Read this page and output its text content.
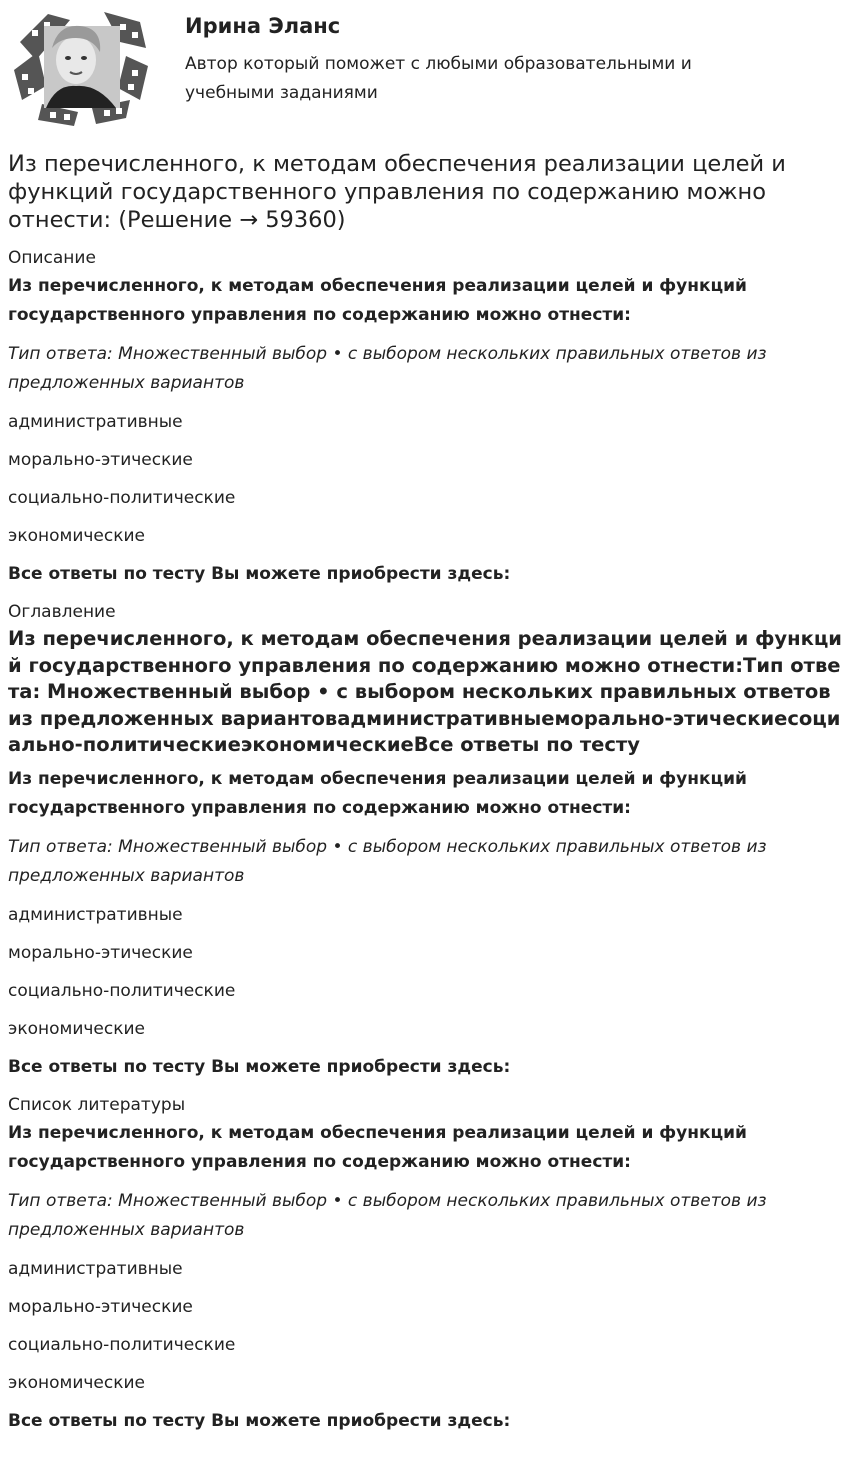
Ирина Эланс
Автор который поможет с любыми образовательными и учебными заданиями
Из перечисленного, к методам обеспечения реализации целей и функций государственного управления по содержанию можно отнести: (Решение → 59360)
Описание
Из перечисленного, к методам обеспечения реализации целей и функций государственного управления по содержанию можно отнести:
Тип ответа: Множественный выбор • с выбором нескольких правильных ответов из предложенных вариантов
административные
морально-этические
социально-политические
экономические
Все ответы по тесту Вы можете приобрести здесь:
Оглавление
Из перечисленного, к методам обеспечения реализации целей и функций государственного управления по содержанию можно отнести:Тип ответа: Множественный выбор • с выбором нескольких правильных ответов из предложенных вариантовадминистративныеморально-этическиесоциально-политическиеэкономическиеВсе ответы по тесту
Из перечисленного, к методам обеспечения реализации целей и функций государственного управления по содержанию можно отнести:
Тип ответа: Множественный выбор • с выбором нескольких правильных ответов из предложенных вариантов
административные
морально-этические
социально-политические
экономические
Все ответы по тесту Вы можете приобрести здесь:
Список литературы
Из перечисленного, к методам обеспечения реализации целей и функций государственного управления по содержанию можно отнести:
Тип ответа: Множественный выбор • с выбором нескольких правильных ответов из предложенных вариантов
административные
морально-этические
социально-политические
экономические
Все ответы по тесту Вы можете приобрести здесь:
